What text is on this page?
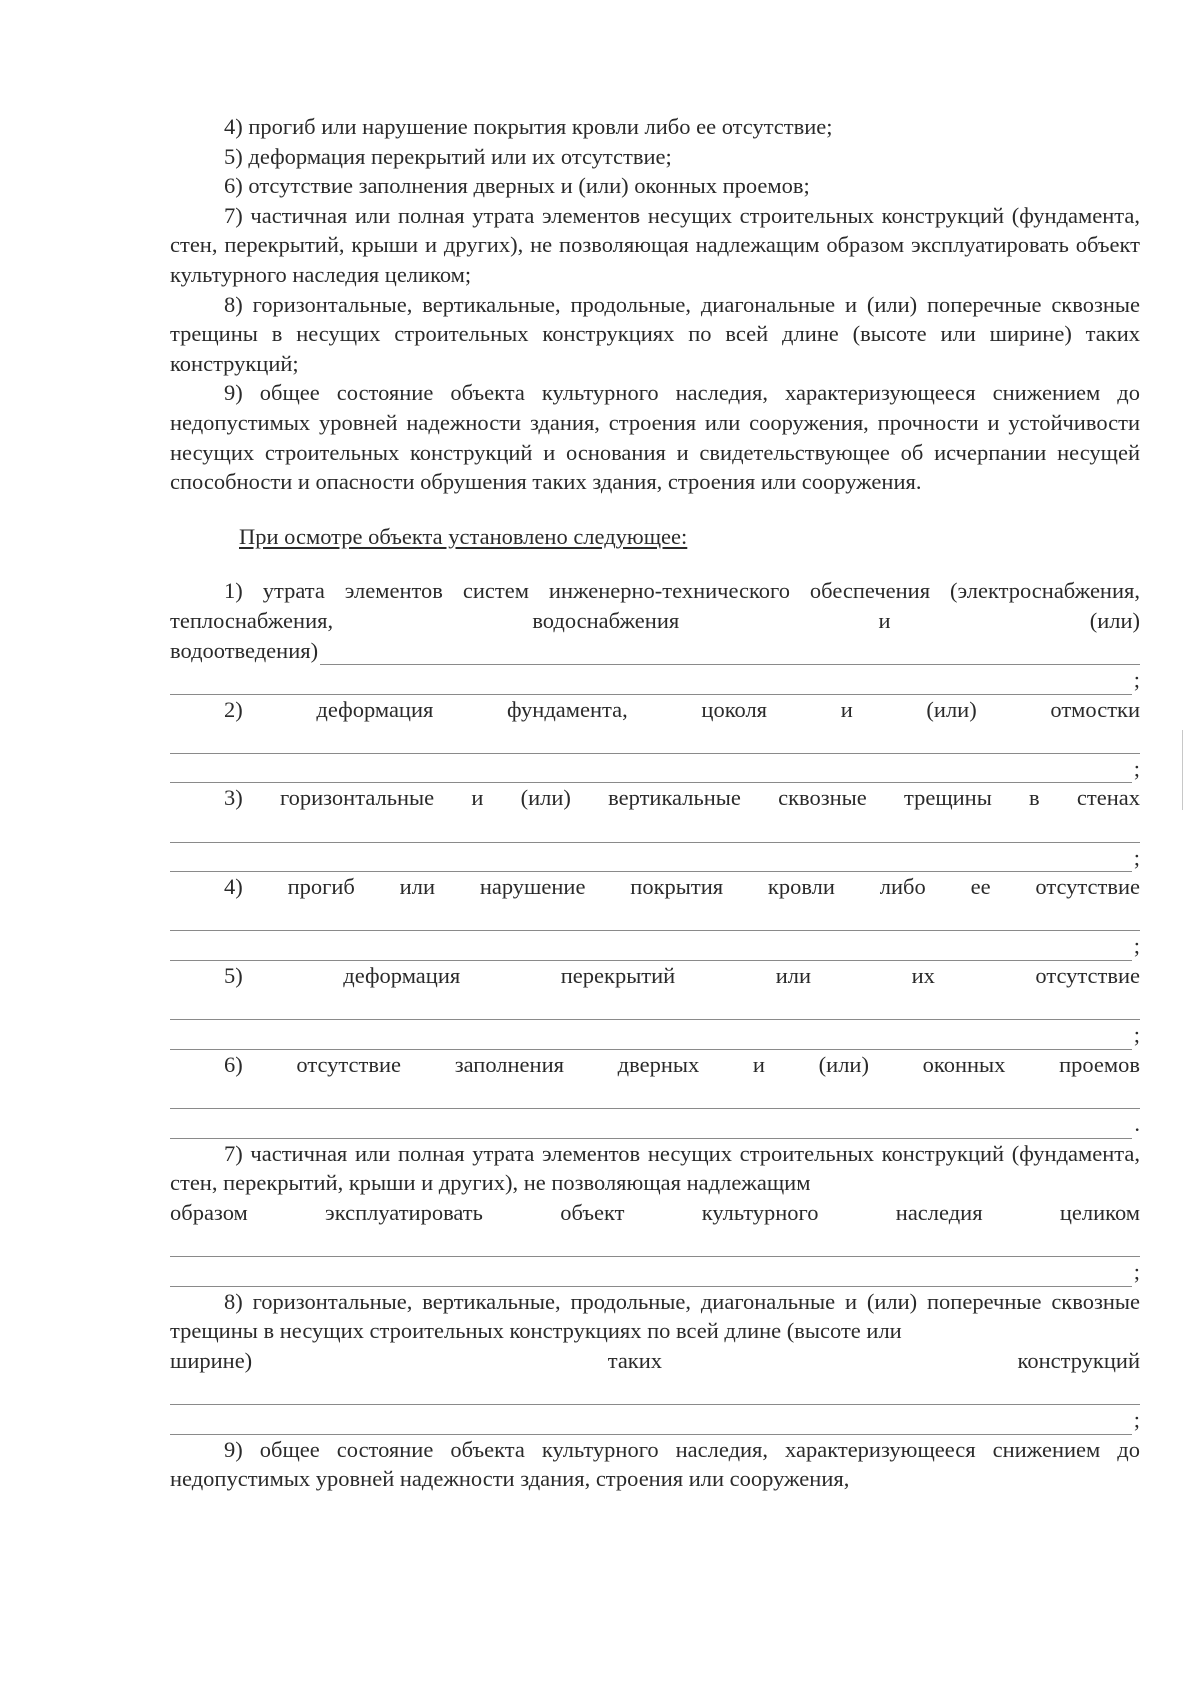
4) прогиб или нарушение покрытия кровли либо ее отсутствие;

5) деформация перекрытий или их отсутствие;

6) отсутствие заполнения дверных и (или) оконных проемов;

7) частичная или полная утрата элементов несущих строительных конструкций (фундамента, стен, перекрытий, крыши и других), не позволяющая надлежащим образом эксплуатировать объект культурного наследия целиком;

8) горизонтальные, вертикальные, продольные, диагональные и (или) поперечные сквозные трещины в несущих строительных конструкциях по всей длине (высоте или ширине) таких конструкций;

9) общее состояние объекта культурного наследия, характеризующееся снижением до недопустимых уровней надежности здания, строения или сооружения, прочности и устойчивости несущих строительных конструкций и основания и свидетельствующее об исчерпании несущей способности и опасности обрушения таких здания, строения или сооружения.

При осмотре объекта установлено следующее:

1) утрата элементов систем инженерно-технического обеспечения (электроснабжения, теплоснабжения, водоснабжения и (или)

водоотведения)
;

2) деформация фундамента, цоколя и (или) отмостки

;

3) горизонтальные и (или) вертикальные сквозные трещины в стенах

;

4) прогиб или нарушение покрытия кровли либо ее отсутствие

;

5) деформация перекрытий или их отсутствие

;

6) отсутствие заполнения дверных и (или) оконных проемов

.

7) частичная или полная утрата элементов несущих строительных конструкций (фундамента, стен, перекрытий, крыши и других), не позволяющая надлежащим

образом эксплуатировать объект культурного наследия целиком

;

8) горизонтальные, вертикальные, продольные, диагональные и (или) поперечные сквозные трещины в несущих строительных конструкциях по всей длине (высоте или

ширине) таких конструкций

;

9) общее состояние объекта культурного наследия, характеризующееся снижением до недопустимых уровней надежности здания, строения или сооружения,
